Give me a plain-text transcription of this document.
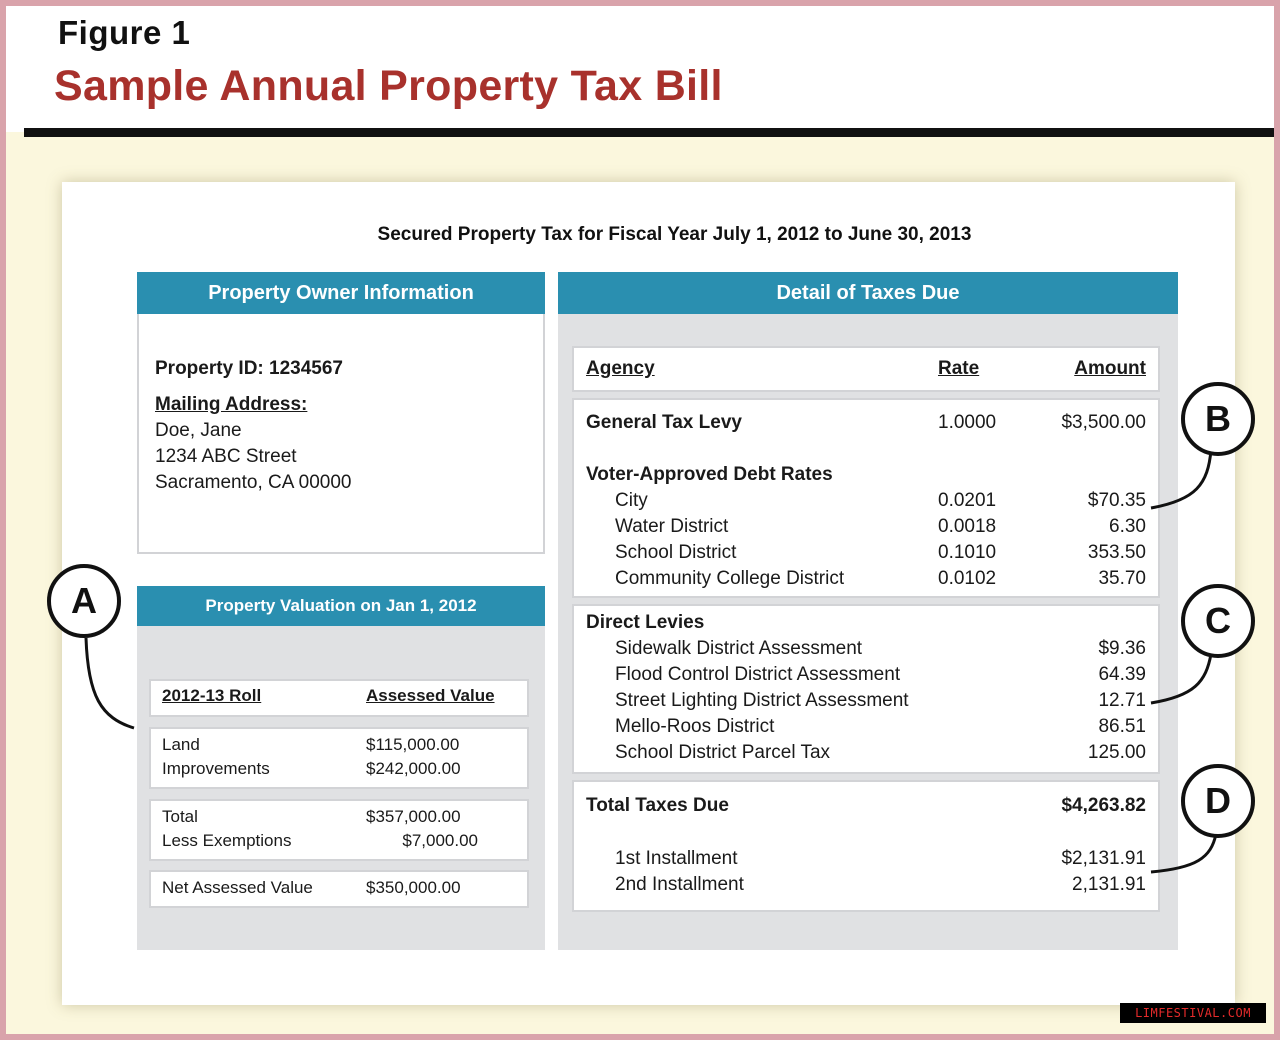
Figure 1
Sample Annual Property Tax Bill
Secured Property Tax for Fiscal Year July 1, 2012 to June 30, 2013
Property Owner Information
Property ID: 1234567
Mailing Address:
Doe, Jane
1234 ABC Street
Sacramento, CA 00000
Property Valuation on Jan 1, 2012
2012-13 Roll	Assessed Value
Land	$115,000.00
Improvements	$242,000.00
Total	$357,000.00
Less Exemptions	$7,000.00
Net Assessed Value	$350,000.00
Detail of Taxes Due
Agency	Rate	Amount
General Tax Levy	1.0000	$3,500.00
Voter-Approved Debt Rates
City	0.0201	$70.35
Water District	0.0018	6.30
School District	0.1010	353.50
Community College District	0.0102	35.70
Direct Levies
Sidewalk District Assessment	$9.36
Flood Control District Assessment	64.39
Street Lighting District Assessment	12.71
Mello-Roos District	86.51
School District Parcel Tax	125.00
Total Taxes Due	$4,263.82
1st Installment	$2,131.91
2nd Installment	2,131.91
A
B
C
D
LIMFESTIVAL.COM
